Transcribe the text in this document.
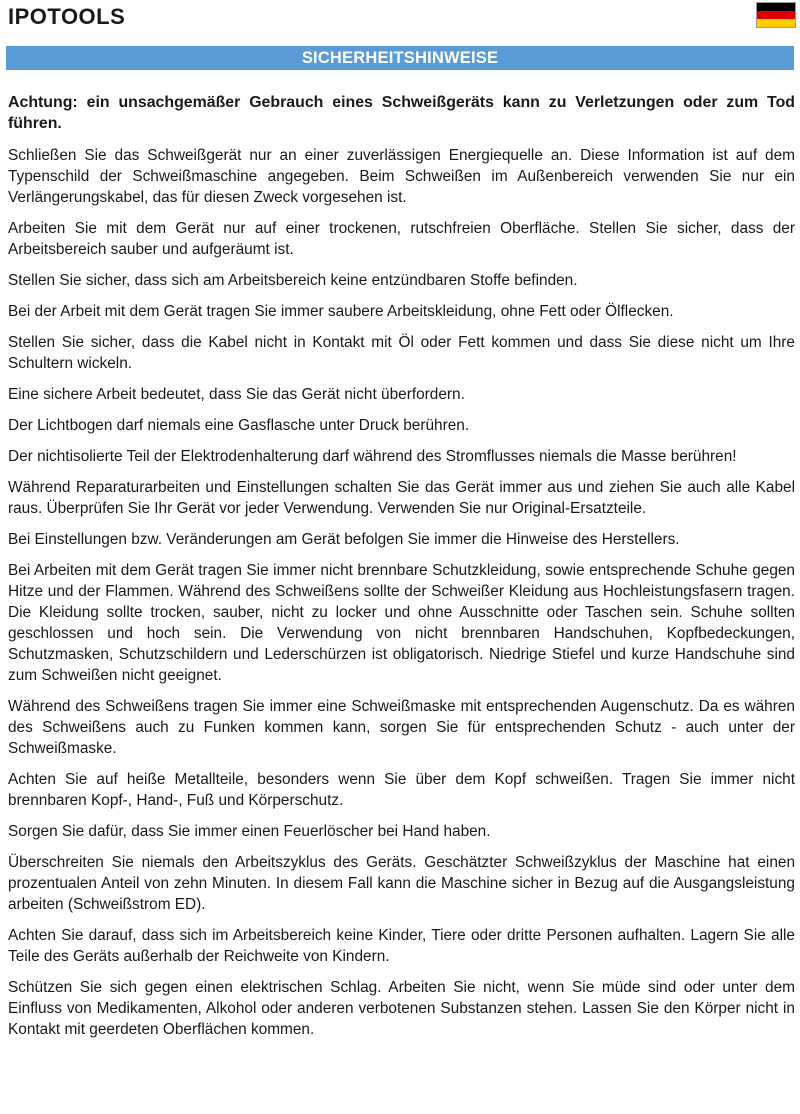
IPOTOOLS
SICHERHEITSHINWEISE

Achtung: ein unsachgemäßer Gebrauch eines Schweißgeräts kann zu Verletzungen oder zum Tod führen.

Schließen Sie das Schweißgerät nur an einer zuverlässigen Energiequelle an. Diese Information ist auf dem Typenschild der Schweißmaschine angegeben. Beim Schweißen im Außenbereich verwenden Sie nur ein Verlängerungskabel, das für diesen Zweck vorgesehen ist.

Arbeiten Sie mit dem Gerät nur auf einer trockenen, rutschfreien Oberfläche. Stellen Sie sicher, dass der Arbeitsbereich sauber und aufgeräumt ist.

Stellen Sie sicher, dass sich am Arbeitsbereich keine entzündbaren Stoffe befinden.

Bei der Arbeit mit dem Gerät tragen Sie immer saubere Arbeitskleidung, ohne Fett oder Ölflecken.

Stellen Sie sicher, dass die Kabel nicht in Kontakt mit Öl oder Fett kommen und dass Sie diese nicht um Ihre Schultern wickeln.

Eine sichere Arbeit bedeutet, dass Sie das Gerät nicht überfordern.

Der Lichtbogen darf niemals eine Gasflasche unter Druck berühren.

Der nichtisolierte Teil der Elektrodenhalterung darf während des Stromflusses niemals die Masse berühren!

Während Reparaturarbeiten und Einstellungen schalten Sie das Gerät immer aus und ziehen Sie auch alle Kabel raus. Überprüfen Sie Ihr Gerät vor jeder Verwendung. Verwenden Sie nur Original-Ersatzteile.

Bei Einstellungen bzw. Veränderungen am Gerät befolgen Sie immer die Hinweise des Herstellers.

Bei Arbeiten mit dem Gerät tragen Sie immer nicht brennbare Schutzkleidung, sowie entsprechende Schuhe gegen Hitze und der Flammen. Während des Schweißens sollte der Schweißer Kleidung aus Hochleistungsfasern tragen. Die Kleidung sollte trocken, sauber, nicht zu locker und ohne Ausschnitte oder Taschen sein. Schuhe sollten geschlossen und hoch sein. Die Verwendung von nicht brennbaren Handschuhen, Kopfbedeckungen, Schutzmasken, Schutzschildern und Lederschürzen ist obligatorisch. Niedrige Stiefel und kurze Handschuhe sind zum Schweißen nicht geeignet.

Während des Schweißens tragen Sie immer eine Schweißmaske mit entsprechenden Augenschutz. Da es währen des Schweißens auch zu Funken kommen kann, sorgen Sie für entsprechenden Schutz - auch unter der Schweißmaske.

Achten Sie auf heiße Metallteile, besonders wenn Sie über dem Kopf schweißen. Tragen Sie immer nicht brennbaren Kopf-, Hand-, Fuß und Körperschutz.

Sorgen Sie dafür, dass Sie immer einen Feuerlöscher bei Hand haben.

Überschreiten Sie niemals den Arbeitszyklus des Geräts. Geschätzter Schweißzyklus der Maschine hat einen prozentualen Anteil von zehn Minuten. In diesem Fall kann die Maschine sicher in Bezug auf die Ausgangsleistung arbeiten (Schweißstrom ED).

Achten Sie darauf, dass sich im Arbeitsbereich keine Kinder, Tiere oder dritte Personen aufhalten. Lagern Sie alle Teile des Geräts außerhalb der Reichweite von Kindern.

Schützen Sie sich gegen einen elektrischen Schlag. Arbeiten Sie nicht, wenn Sie müde sind oder unter dem Einfluss von Medikamenten, Alkohol oder anderen verbotenen Substanzen stehen. Lassen Sie den Körper nicht in Kontakt mit geerdeten Oberflächen kommen.
